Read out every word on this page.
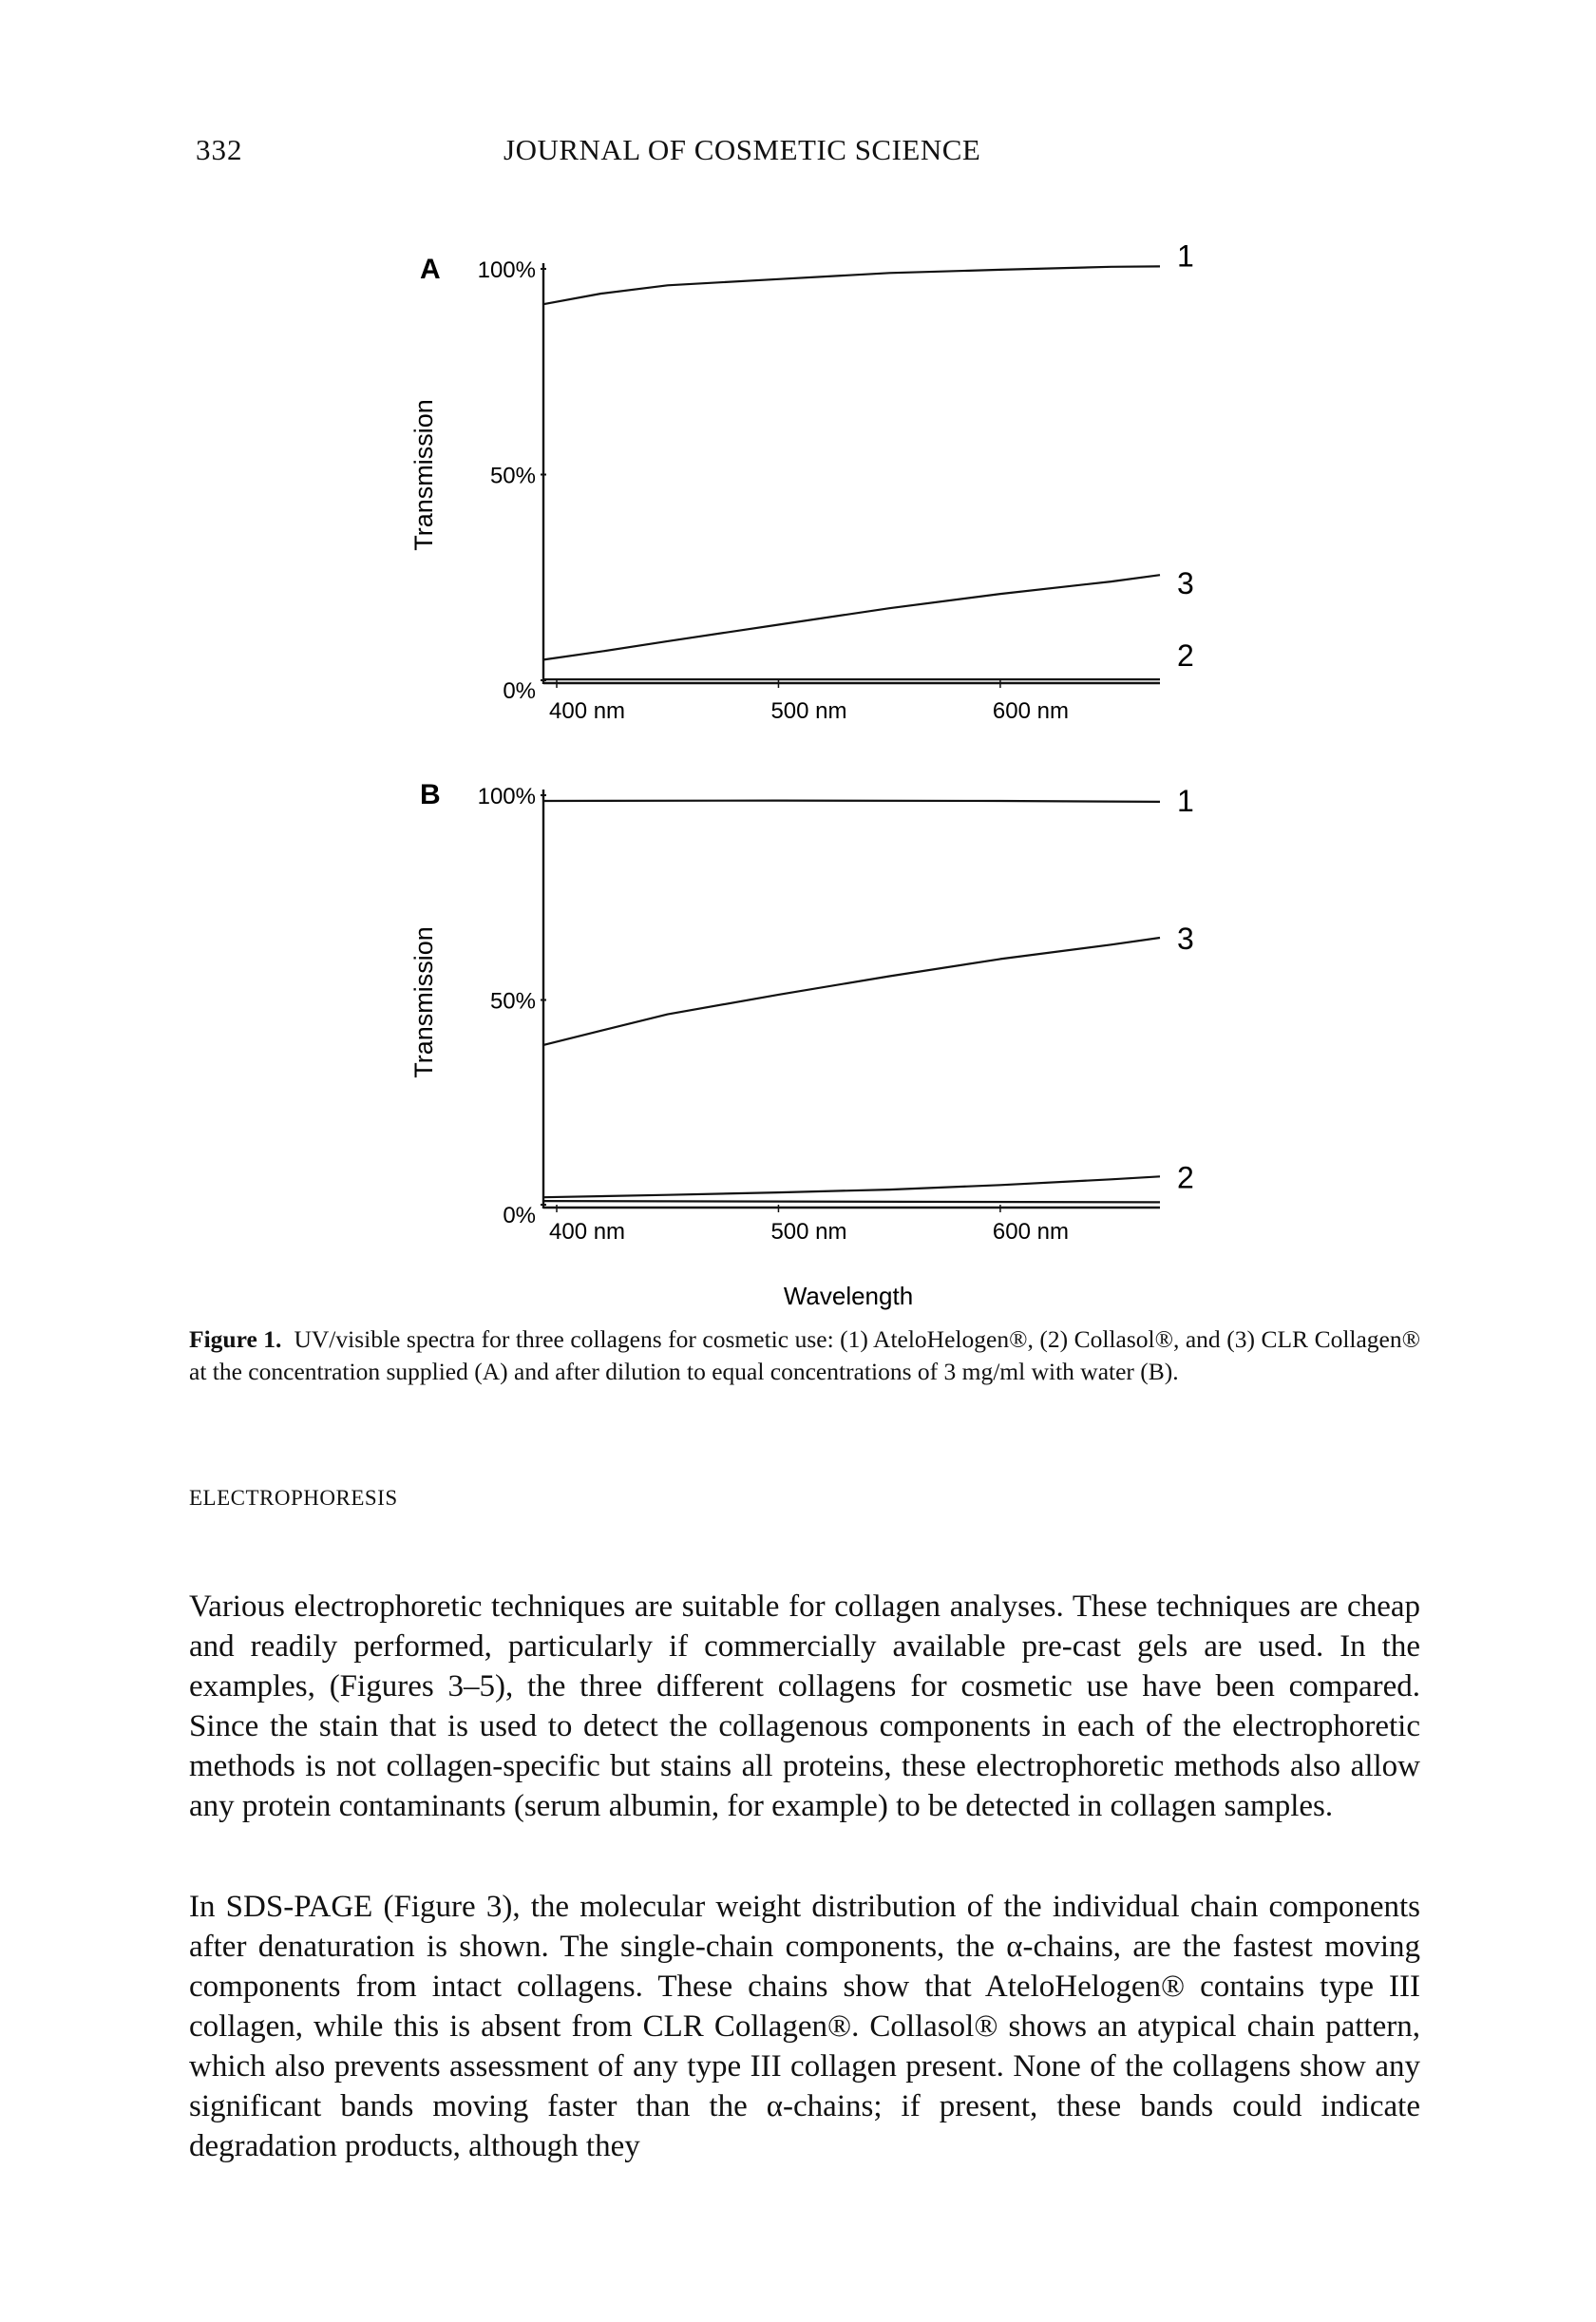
332	JOURNAL OF COSMETIC SCIENCE
A
Transmission
0%
50%
100%
400 nm	500 nm	600 nm
1
3
2
B
Transmission
0%
50%
100%
400 nm	500 nm	600 nm
1
3
2
Wavelength
Figure 1. UV/visible spectra for three collagens for cosmetic use: (1) AteloHelogen®, (2) Collasol®, and (3) CLR Collagen® at the concentration supplied (A) and after dilution to equal concentrations of 3 mg/ml with water (B).
ELECTROPHORESIS

Various electrophoretic techniques are suitable for collagen analyses. These techniques are cheap and readily performed, particularly if commercially available pre-cast gels are used. In the examples, (Figures 3–5), the three different collagens for cosmetic use have been compared. Since the stain that is used to detect the collagenous components in each of the electrophoretic methods is not collagen-specific but stains all proteins, these electrophoretic methods also allow any protein contaminants (serum albumin, for example) to be detected in collagen samples.

In SDS-PAGE (Figure 3), the molecular weight distribution of the individual chain components after denaturation is shown. The single-chain components, the α-chains, are the fastest moving components from intact collagens. These chains show that AteloHelogen® contains type III collagen, while this is absent from CLR Collagen®. Collasol® shows an atypical chain pattern, which also prevents assessment of any type III collagen present. None of the collagens show any significant bands moving faster than the α-chains; if present, these bands could indicate degradation products, although they
